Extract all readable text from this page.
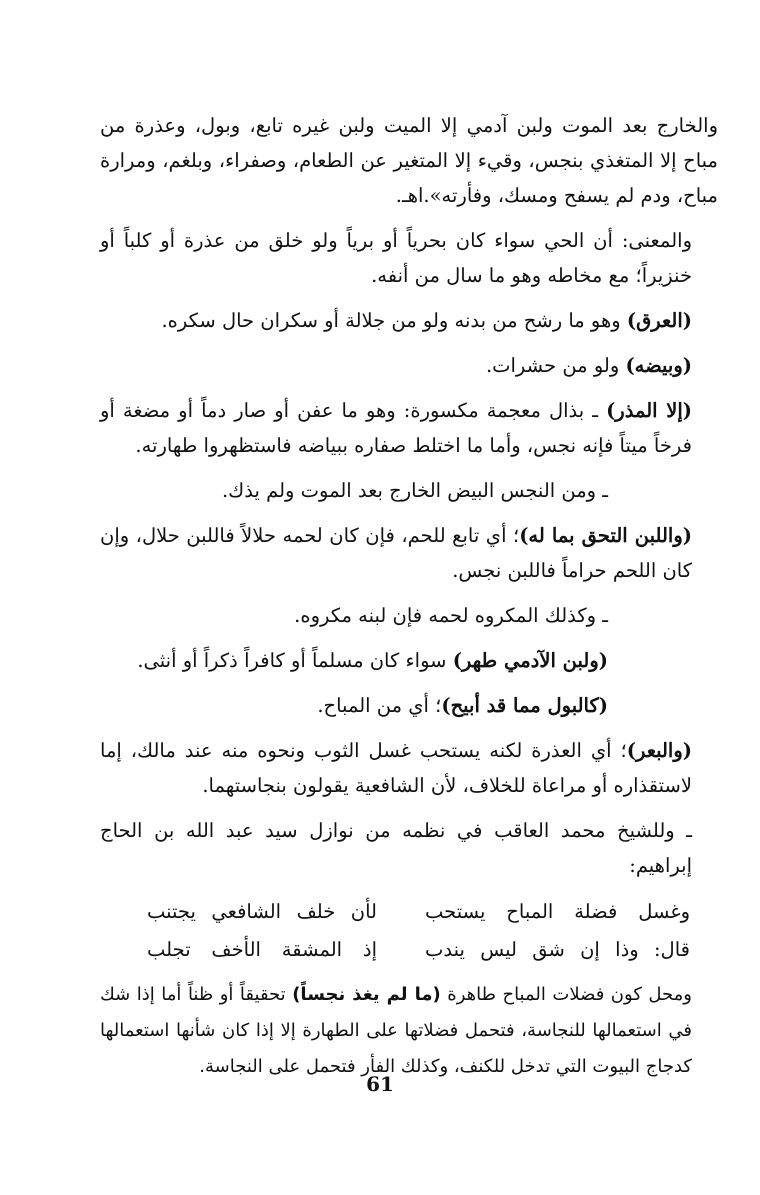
والخارج بعد الموت ولبن آدمي إلا الميت ولبن غيره تابع، وبول، وعذرة من مباح إلا المتغذي بنجس، وقيء إلا المتغير عن الطعام، وصفراء، وبلغم، ومرارة مباح، ودم لم يسفح ومسك، وفأرته».اهـ.

والمعنى: أن الحي سواء كان بحرياً أو برياً ولو خلق من عذرة أو كلباً أو خنزيراً؛ مع مخاطه وهو ما سال من أنفه.

(العرق) وهو ما رشح من بدنه ولو من جلالة أو سكران حال سكره.

(وبيضه) ولو من حشرات.

(إلا المذر) ـ بذال معجمة مكسورة: وهو ما عفن أو صار دماً أو مضغة أو فرخاً ميتاً فإنه نجس، وأما ما اختلط صفاره ببياضه فاستظهروا طهارته.

ـ ومن النجس البيض الخارج بعد الموت ولم يذك.

(واللبن التحق بما له)؛ أي تابع للحم، فإن كان لحمه حلالاً فاللبن حلال، وإن كان اللحم حراماً فاللبن نجس.

ـ وكذلك المكروه لحمه فإن لبنه مكروه.

(ولبن الآدمي طهر) سواء كان مسلماً أو كافراً ذكراً أو أنثى.

(كالبول مما قد أبيح)؛ أي من المباح.

(والبعر)؛ أي العذرة لكنه يستحب غسل الثوب ونحوه منه عند مالك، إما لاستقذاره أو مراعاة للخلاف، لأن الشافعية يقولون بنجاستهما.

ـ وللشيخ محمد العاقب في نظمه من نوازل سيد عبد الله بن الحاج إبراهيم:

وغسل فضلة المباح يستحب
لأن خلف الشافعي يجتنب
قال: وذا إن شق ليس يندب
إذ المشقة الأخف تجلب

ومحل كون فضلات المباح طاهرة (ما لم يغذ نجساً) تحقيقاً أو ظناً أما إذا شك في استعمالها للنجاسة، فتحمل فضلاتها على الطهارة إلا إذا كان شأنها استعمالها كدجاج البيوت التي تدخل للكنف، وكذلك الفأر فتحمل على النجاسة.

61
